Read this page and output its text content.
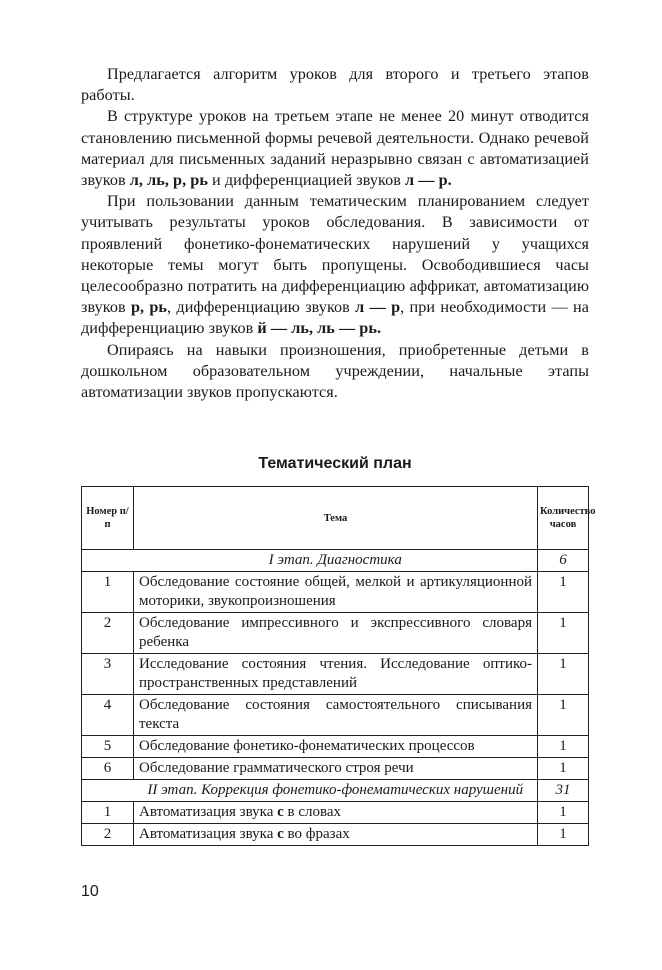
Предлагается алгоритм уроков для второго и третьего этапов работы.

В структуре уроков на третьем этапе не менее 20 минут отводится становлению письменной формы речевой деятельности. Однако речевой материал для письменных заданий неразрывно связан с автоматизацией звуков л, ль, р, рь и дифференциацией звуков л — р.

При пользовании данным тематическим планированием следует учитывать результаты уроков обследования. В зависимости от проявлений фонетико-фонематических нарушений у учащихся некоторые темы могут быть пропущены. Освободившиеся часы целесообразно потратить на дифференциацию аффрикат, автоматизацию звуков р, рь, дифференциацию звуков л — р, при необходимости — на дифференциацию звуков й — ль, ль — рь.

Опираясь на навыки произношения, приобретенные детьми в дошкольном образовательном учреждении, начальные этапы автоматизации звуков пропускаются.

Тематический план
Номер п/п	Тема	Количество часов
	I этап. Диагностика	6
1	Обследование состояние общей, мелкой и артикуляционной моторики, звукопроизношения	1
2	Обследование импрессивного и экспрессивного словаря ребенка	1
3	Исследование состояния чтения. Исследование оптико-пространственных представлений	1
4	Обследование состояния самостоятельного списывания текста	1
5	Обследование фонетико-фонематических процессов	1
6	Обследование грамматического строя речи	1
	II этап. Коррекция фонетико-фонематических нарушений	31
1	Автоматизация звука с в словах	1
2	Автоматизация звука с во фразах	1
10
